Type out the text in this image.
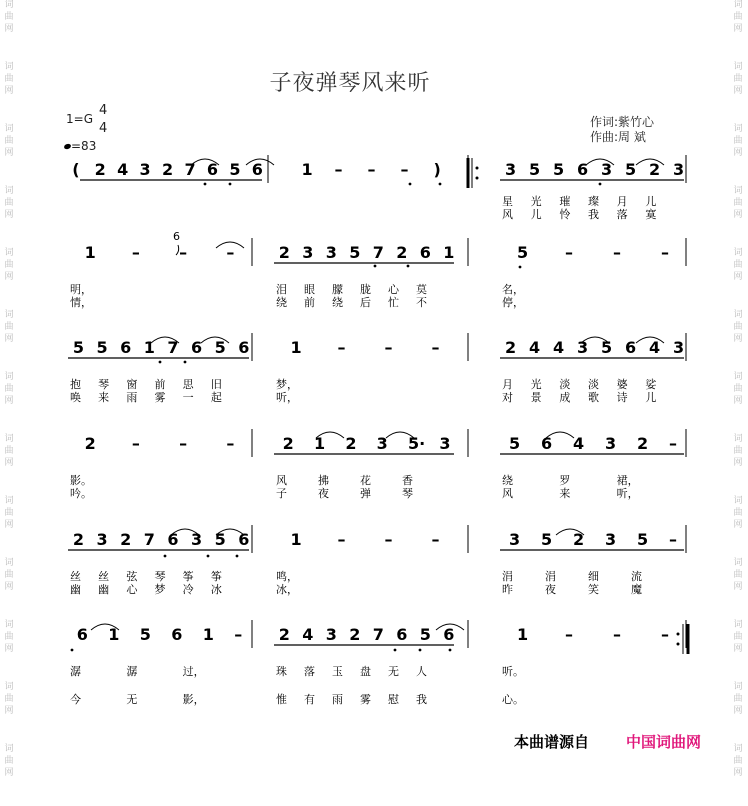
词
曲
网
词
曲
网
词
曲
网
词
曲
网
词
曲
网
词
曲
网
词
曲
网
词
曲
网
词
曲
网
词
曲
网
词
曲
网
词
曲
网
词
曲
网
词
曲
网
词
曲
网
词
曲
网
词
曲
网
词
曲
网
词
曲
网
词
曲
网
词
曲
网
词
曲
网
词
曲
网
词
曲
网
词
曲
网
词
曲
网
子夜弹琴风来听
1=G
4
4
=83
作词:紫竹心
作曲:周 斌
( 2 4 3 2 7 6 5 6 1 – – – )	3 5 5 6 3 5 2 3
星 光 璀 璨 月 儿
风 儿 怜 我 落 寞
1 – – –
明，
情，
2 3 3 5 7 2 6 1
泪 眼 朦 胧 心 莫
绕 前 绕 后 忙 不
5 –	–	–
名，
停，
5 5 6 1 7 6 5 6
抱 琴 窗 前 思 旧
唤 来 雨 雾 一 起
1 – – –
梦，
听，
2 4 4 3 5 6 4 3
月 光 淡 淡 婆 娑
对 景 成 歌 诗 儿
2 – – –
影。
吟。
2 1 2 3 5· 3
风	拂	花	香
子	夜	弹	琴
5 6 4 3 2 –
绕	罗	裙，
风	来	听，
2 3 2 7 6 3 5 6
丝 丝 弦 琴 筝 筝
幽 幽 心 梦 冷 冰
1 – – –
鸣，
冰，
3 5 2 3 5 –
涓	涓	细	流
昨	夜	笑	魔
6 1 5 6 1 –
潺	潺	过，
今	无	影，
2 4 3 2 7 6 5 6
珠 落 玉 盘 无 人
惟 有 雨 雾 慰 我
1 –	–	–
听。
心。
6
本曲谱源自 中国词曲网
